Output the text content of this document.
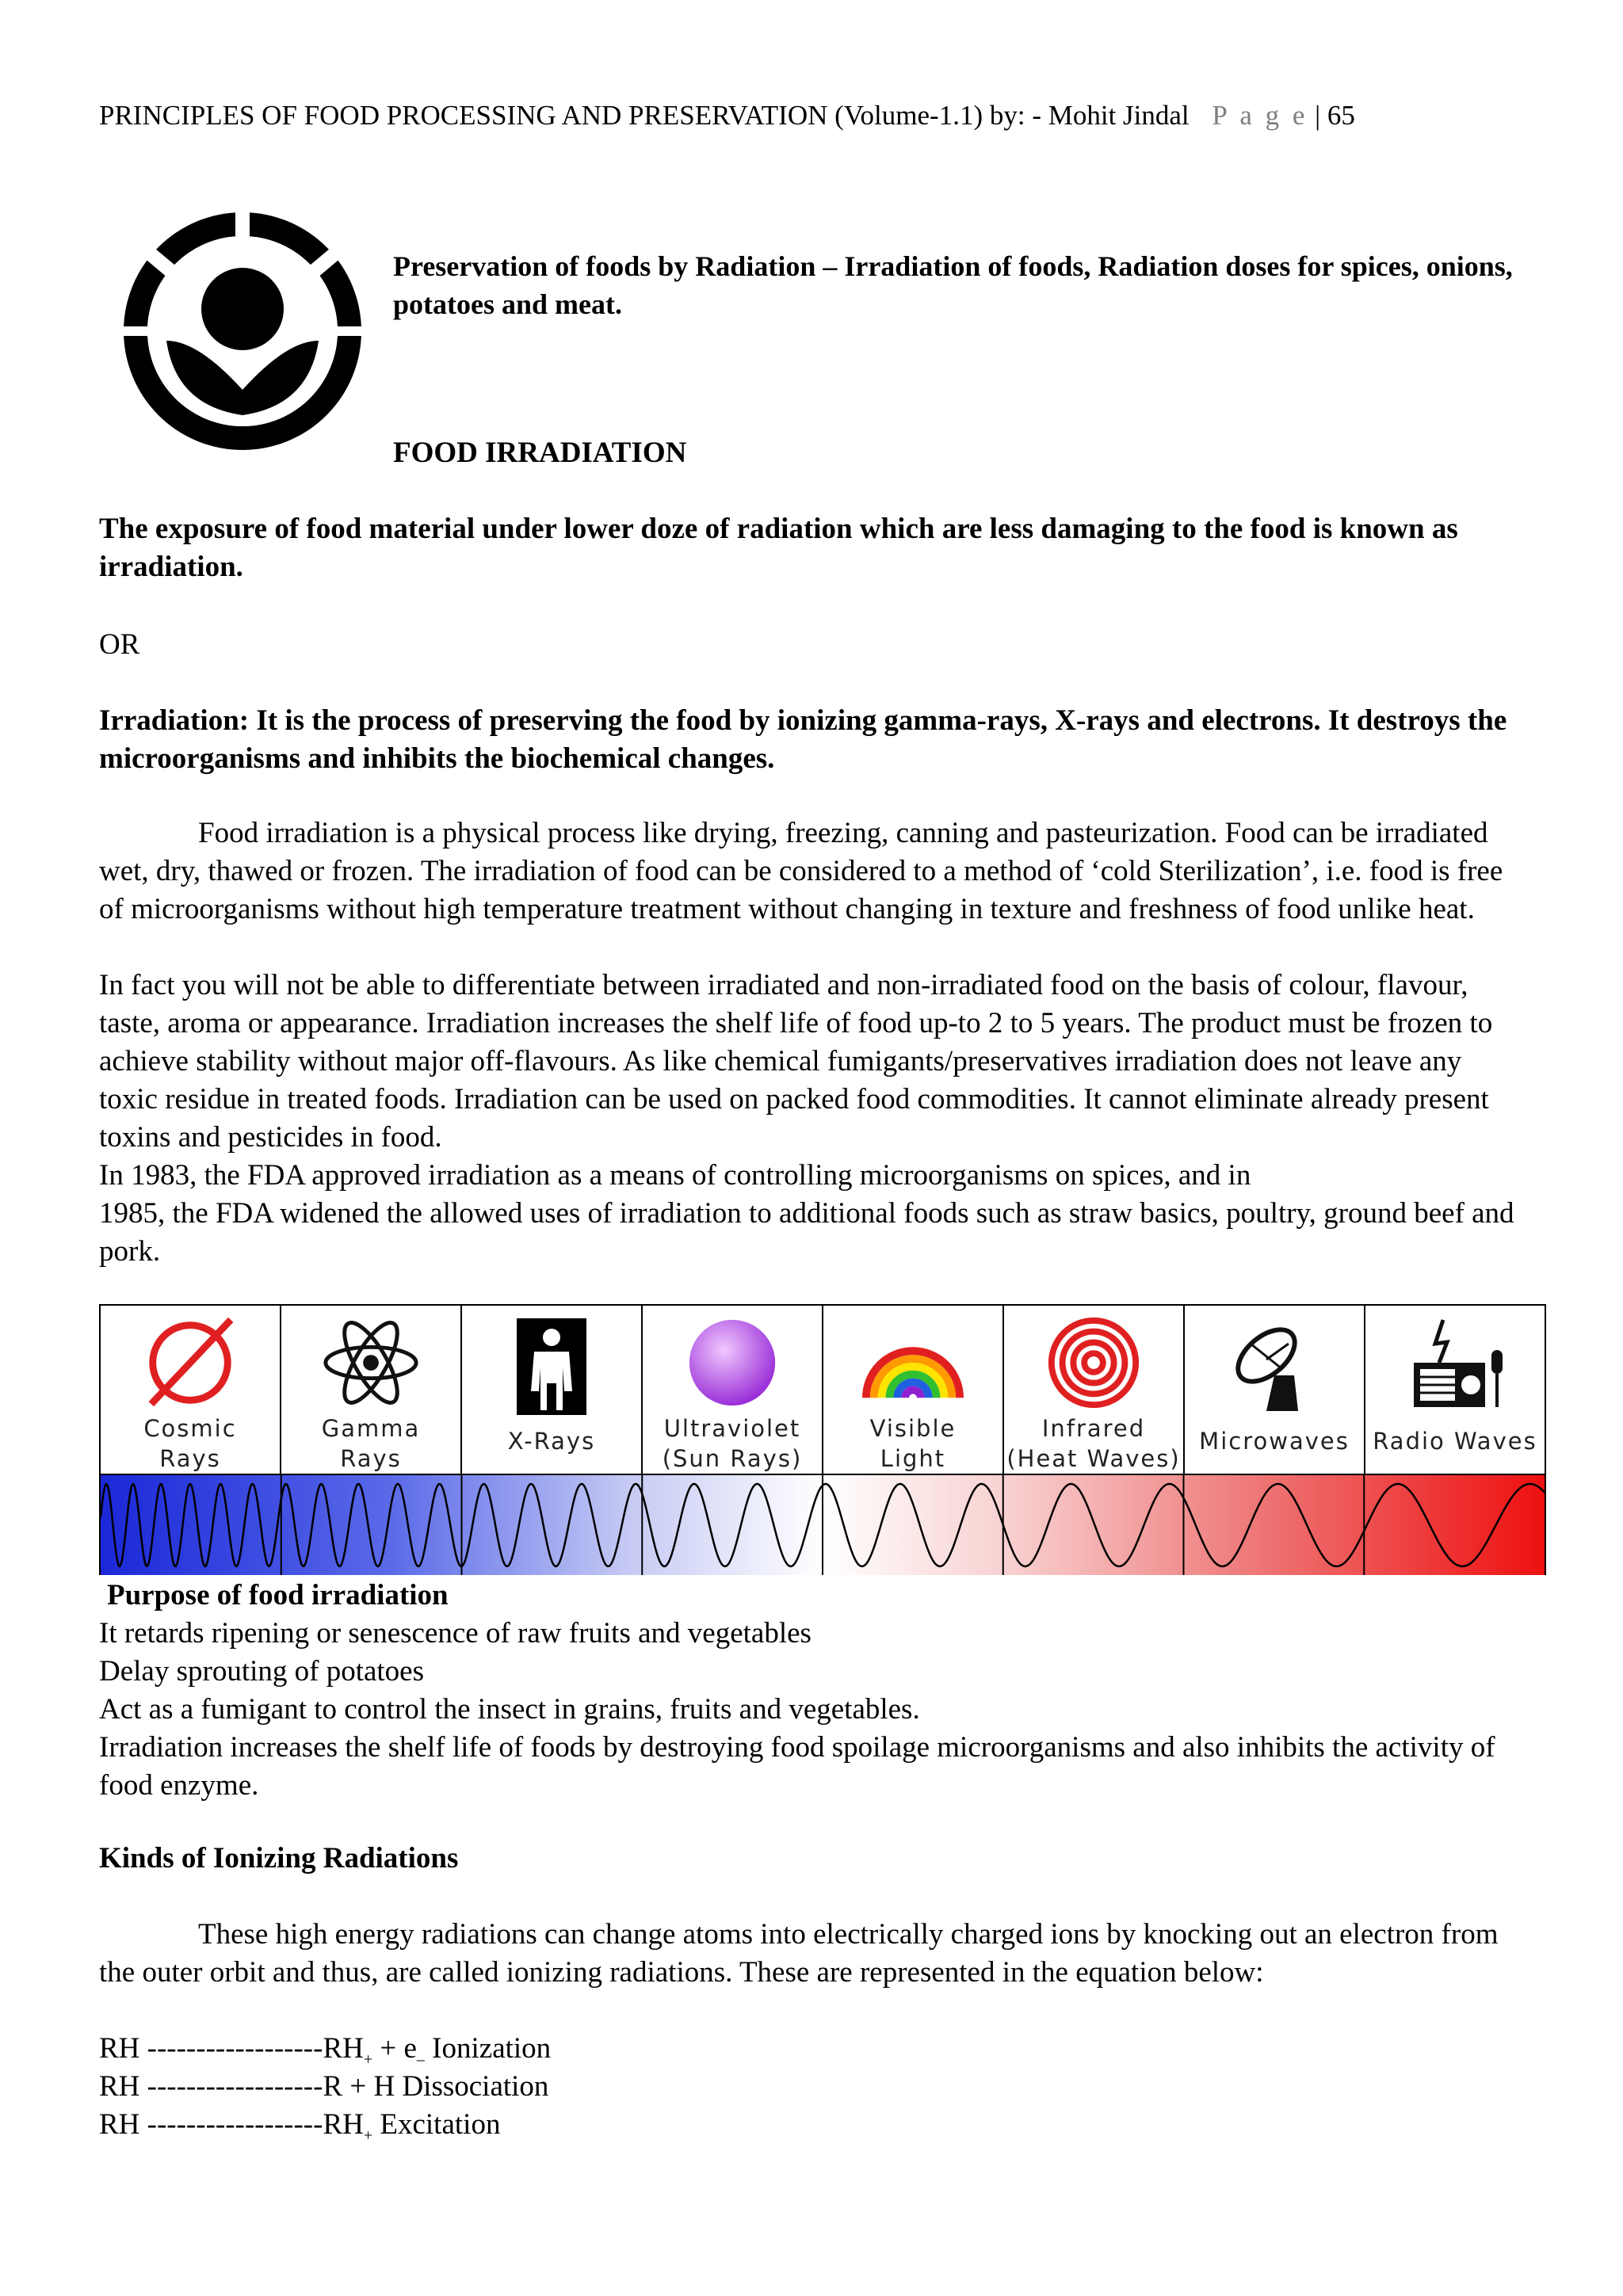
PRINCIPLES OF FOOD PROCESSING AND PRESERVATION (Volume-1.1) by: - Mohit Jindal P a g e | 65
Preservation of foods by Radiation – Irradiation of foods, Radiation doses for spices, onions, potatoes and meat.
FOOD IRRADIATION
The exposure of food material under lower doze of radiation which are less damaging to the food is known as irradiation.
OR
Irradiation: It is the process of preserving the food by ionizing gamma-rays, X-rays and electrons. It destroys the microorganisms and inhibits the biochemical changes.
Food irradiation is a physical process like drying, freezing, canning and pasteurization. Food can be irradiated wet, dry, thawed or frozen. The irradiation of food can be considered to a method of ‘cold Sterilization’, i.e. food is free of microorganisms without high temperature treatment without changing in texture and freshness of food unlike heat.
In fact you will not be able to differentiate between irradiated and non-irradiated food on the basis of colour, flavour, taste, aroma or appearance. Irradiation increases the shelf life of food up-to 2 to 5 years. The product must be frozen to achieve stability without major off-flavours. As like chemical fumigants/preservatives irradiation does not leave any toxic residue in treated foods. Irradiation can be used on packed food commodities. It cannot eliminate already present toxins and pesticides in food.
In 1983, the FDA approved irradiation as a means of controlling microorganisms on spices, and in
1985, the FDA widened the allowed uses of irradiation to additional foods such as straw basics, poultry, ground beef and pork.
Cosmic
Rays
Gamma
Rays
X-Rays	Ultraviolet
(Sun Rays)
Visible
Light
Infrared
(Heat Waves)
Microwaves Radio Waves
Purpose of food irradiation
It retards ripening or senescence of raw fruits and vegetables
Delay sprouting of potatoes
Act as a fumigant to control the insect in grains, fruits and vegetables.
Irradiation increases the shelf life of foods by destroying food spoilage microorganisms and also inhibits the activity of food enzyme.
Kinds of Ionizing Radiations
These high energy radiations can change atoms into electrically charged ions by knocking out an electron from the outer orbit and thus, are called ionizing radiations. These are represented in the equation below:
RH $------------------RH_+ + e_-$ Ionization
RH ------------------R + H Dissociation
RH $------------------RH_+$ Excitation
